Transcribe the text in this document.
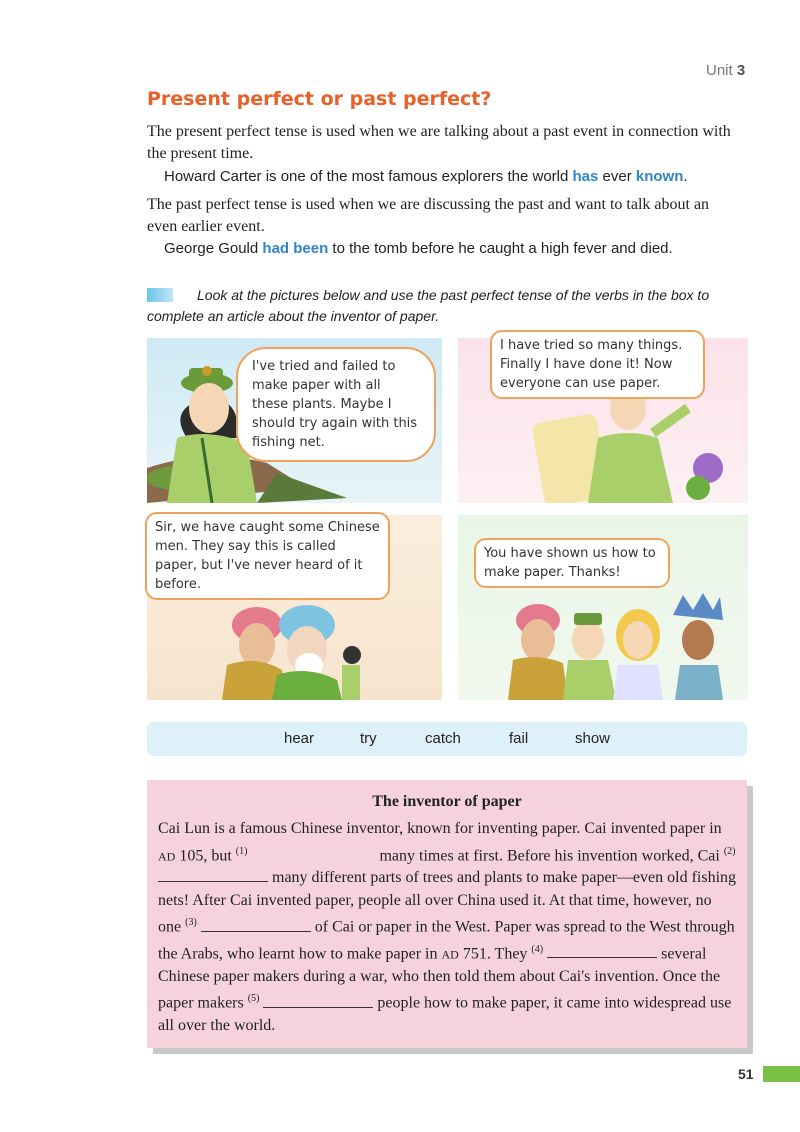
Unit 3
Present perfect or past perfect?
The present perfect tense is used when we are talking about a past event in connection with the present time.
Howard Carter is one of the most famous explorers the world has ever known.
The past perfect tense is used when we are discussing the past and want to talk about an even earlier event.
George Gould had been to the tomb before he caught a high fever and died.
Look at the pictures below and use the past perfect tense of the verbs in the box to complete an article about the inventor of paper.
I've tried and failed to make paper with all these plants. Maybe I should try again with this fishing net.
I have tried so many things. Finally I have done it! Now everyone can use paper.
Sir, we have caught some Chinese men. They say this is called paper, but I've never heard of it before.
You have shown us how to make paper. Thanks!
hear	try	catch	fail	show
The inventor of paper
Cai Lun is a famous Chinese inventor, known for inventing paper. Cai invented paper in AD 105, but $^{(1)}$	many times at first. Before his invention worked, Cai $^{(2)}$  many different parts of trees and plants to make paper—even old fishing nets! After Cai invented paper, people all over China used it. At that time, however, no one $^{(3)}$	of Cai or paper in the West. Paper was spread to the West through the Arabs, who learnt how to make paper in AD 751. They $^{(4)}$	several Chinese paper makers during a war, who then told them about Cai's invention. Once the paper makers $^{(5)}$	people how to make paper, it came into widespread use all over the world.
51
